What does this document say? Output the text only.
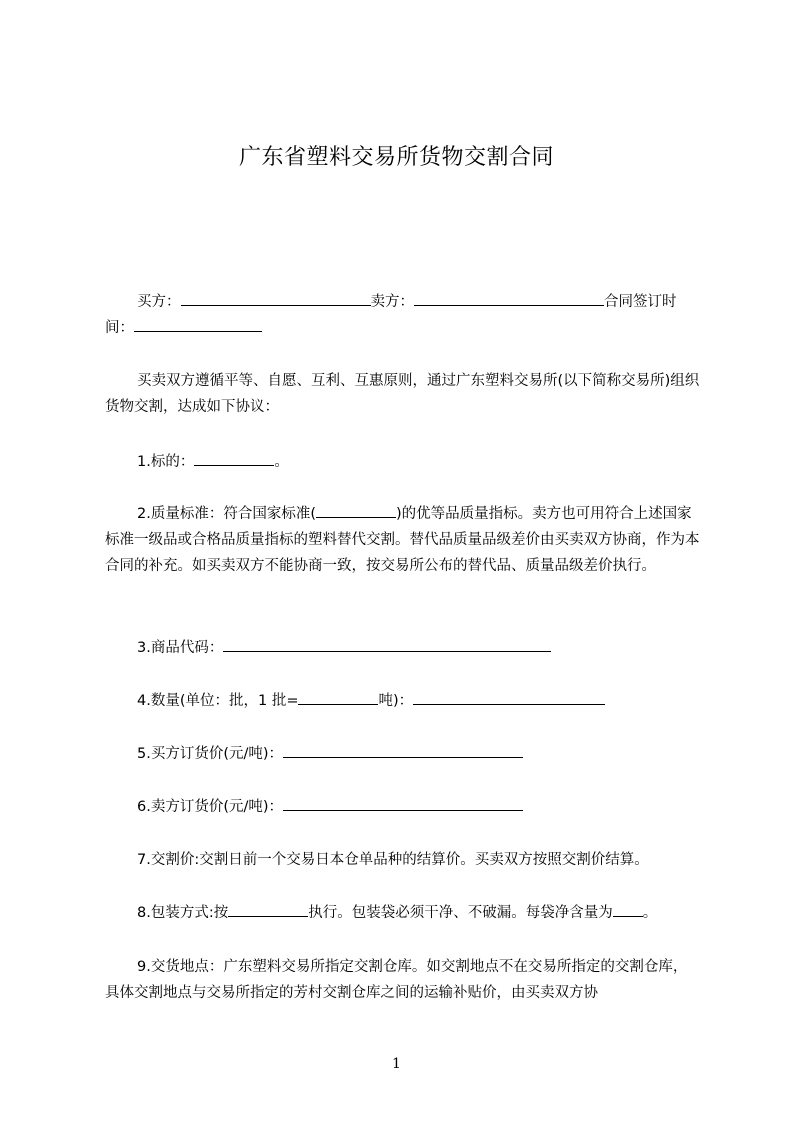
广东省塑料交易所货物交割合同

买方：	卖方：	合同签订时

间：

买卖双方遵循平等、自愿、互利、互惠原则，通过广东塑料交易所(以下简称交易所)组织货物交割，达成如下协议：

1.标的：	。

2.质量标准：符合国家标准(	)的优等品质量指标。卖方也可用符合上述国家标准一级品或合格品质量指标的塑料替代交割。替代品质量品级差价由买卖双方协商，作为本合同的补充。如买卖双方不能协商一致，按交易所公布的替代品、质量品级差价执行。

3.商品代码：

4.数量(单位：批，1 批=	吨)：

5.买方订货价(元/吨)：

6.卖方订货价(元/吨)：

7.交割价:交割日前一个交易日本仓单品种的结算价。买卖双方按照交割价结算。

8.包装方式:按	执行。包装袋必须干净、不破漏。每袋净含量为 。

9.交货地点：广东塑料交易所指定交割仓库。如交割地点不在交易所指定的交割仓库，具体交割地点与交易所指定的芳村交割仓库之间的运输补贴价，由买卖双方协

1
